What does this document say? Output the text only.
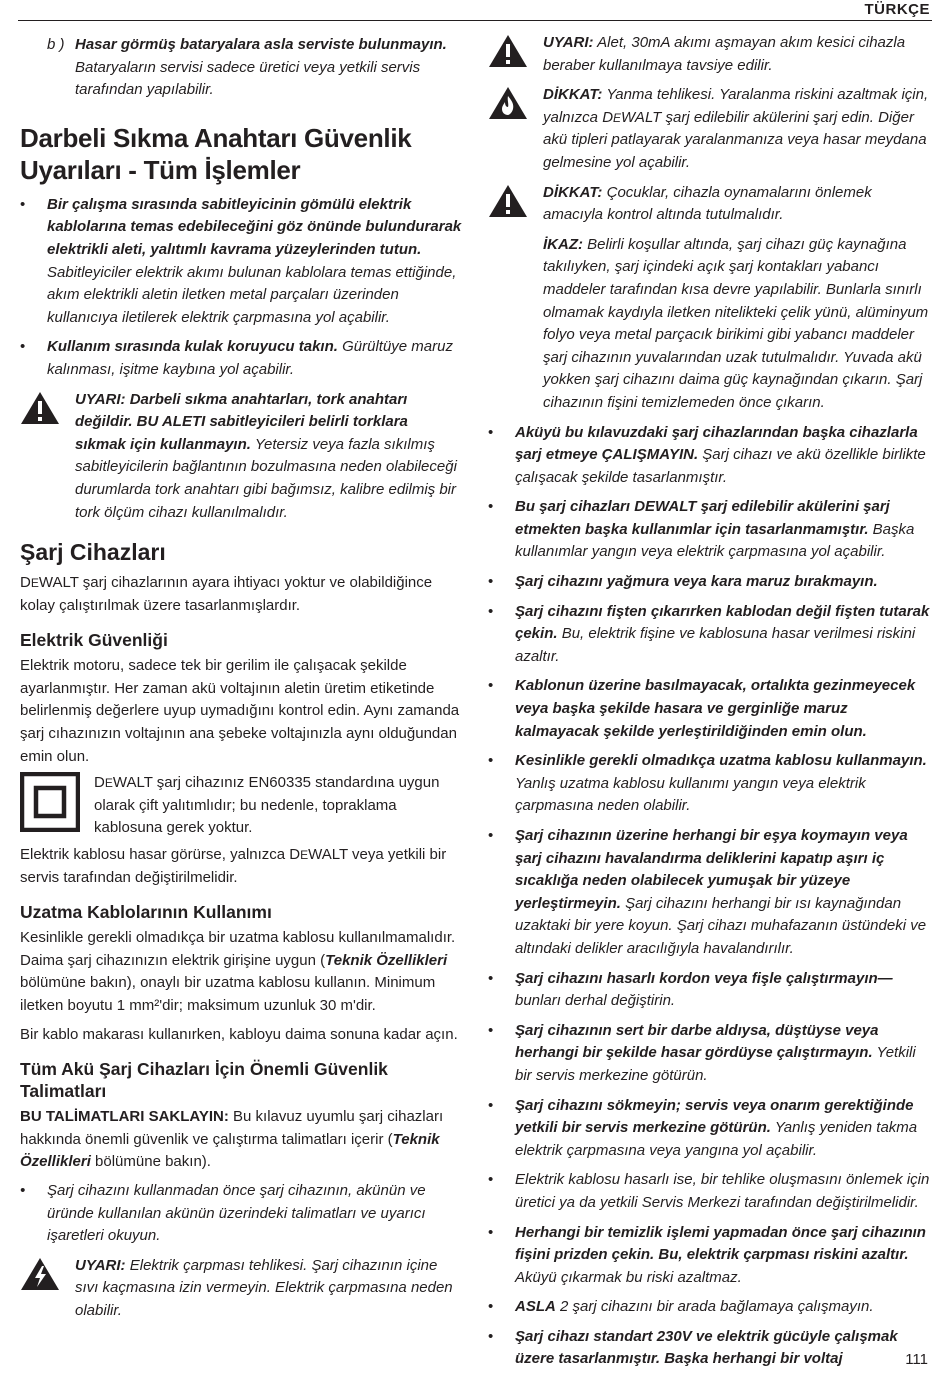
TÜRKÇE
b ) Hasar görmüş bataryalara asla serviste bulunmayın. Bataryaların servisi sadece üretici veya yetkili servis tarafından yapılabilir.
Darbeli Sıkma Anahtarı Güvenlik Uyarıları - Tüm İşlemler
• Bir çalışma sırasında sabitleyicinin gömülü elektrik kablolarına temas edebileceğini göz önünde bulundurarak elektrikli aleti, yalıtımlı kavrama yüzeylerinden tutun. Sabitleyiciler elektrik akımı bulunan kablolara temas ettiğinde, akım elektrikli aletin iletken metal parçaları üzerinden kullanıcıya iletilerek elektrik çarpmasına yol açabilir.
• Kullanım sırasında kulak koruyucu takın. Gürültüye maruz kalınması, işitme kaybına yol açabilir.
UYARI: Darbeli sıkma anahtarları, tork anahtarı değildir. BU ALETI sabitleyicileri belirli torklara sıkmak için kullanmayın. Yetersiz veya fazla sıkılmış sabitleyicilerin bağlantının bozulmasına neden olabileceği durumlarda tork anahtarı gibi bağımsız, kalibre edilmiş bir tork ölçüm cihazı kullanılmalıdır.
Şarj Cihazları

DEWALT şarj cihazlarının ayara ihtiyacı yoktur ve olabildiğince kolay çalıştırılmak üzere tasarlanmışlardır.

Elektrik Güvenliği

Elektrik motoru, sadece tek bir gerilim ile çalışacak şekilde ayarlanmıştır. Her zaman akü voltajının aletin üretim etiketinde belirlenmiş değerlere uyup uymadığını kontrol edin. Aynı zamanda şarj cıhazınızın voltajının ana şebeke voltajınızla aynı olduğundan emin olun.

DEWALT şarj cihazınız EN60335 standardına uygun olarak çift yalıtımlıdır; bu nedenle, topraklama kablosuna gerek yoktur.

Elektrik kablosu hasar görürse, yalnızca DEWALT veya yetkili bir servis tarafından değiştirilmelidir.

Uzatma Kablolarının Kullanımı

Kesinlikle gerekli olmadıkça bir uzatma kablosu kullanılmamalıdır. Daima şarj cihazınızın elektrik girişine uygun (Teknik Özellikleri bölümüne bakın), onaylı bir uzatma kablosu kullanın. Minimum iletken boyutu 1 mm²'dir; maksimum uzunluk 30 m'dir.

Bir kablo makarası kullanırken, kabloyu daima sonuna kadar açın.

Tüm Akü Şarj Cihazları İçin Önemli Güvenlik Talimatları

BU TALİMATLARI SAKLAYIN: Bu kılavuz uyumlu şarj cihazları hakkında önemli güvenlik ve çalıştırma talimatları içerir (Teknik Özellikleri bölümüne bakın).

• Şarj cihazını kullanmadan önce şarj cihazının, akünün ve üründe kullanılan akünün üzerindeki talimatları ve uyarıcı işaretleri okuyun.
UYARI: Elektrik çarpması tehlikesi. Şarj cihazının içine sıvı kaçmasına izin vermeyin. Elektrik çarpmasına neden olabilir.
UYARI: Alet, 30mA akımı aşmayan akım kesici cihazla beraber kullanılmaya tavsiye edilir.
DİKKAT: Yanma tehlikesi. Yaralanma riskini azaltmak için, yalnızca DEWALT şarj edilebilir akülerini şarj edin. Diğer akü tipleri patlayarak yaralanmanıza veya hasar meydana gelmesine yol açabilir.
DİKKAT: Çocuklar, cihazla oynamalarını önlemek amacıyla kontrol altında tutulmalıdır.
İKAZ: Belirli koşullar altında, şarj cihazı güç kaynağına takılıyken, şarj içindeki açık şarj kontakları yabancı maddeler tarafından kısa devre yapılabilir. Bunlarla sınırlı olmamak kaydıyla iletken nitelikteki çelik yünü, alüminyum folyo veya metal parçacık birikimi gibi yabancı maddeler şarj cihazının yuvalarından uzak tutulmalıdır. Yuvada akü yokken şarj cihazını daima güç kaynağından çıkarın. Şarj cihazının fişini temizlemeden önce çıkarın.
• Aküyü bu kılavuzdaki şarj cihazlarından başka cihazlarla şarj etmeye ÇALIŞMAYIN. Şarj cihazı ve akü özellikle birlikte çalışacak şekilde tasarlanmıştır.
• Bu şarj cihazları DEWALT şarj edilebilir akülerini şarj etmekten başka kullanımlar için tasarlanmamıştır. Başka kullanımlar yangın veya elektrik çarpmasına yol açabilir.
• Şarj cihazını yağmura veya kara maruz bırakmayın.
• Şarj cihazını fişten çıkarırken kablodan değil fişten tutarak çekin. Bu, elektrik fişine ve kablosuna hasar verilmesi riskini azaltır.
• Kablonun üzerine basılmayacak, ortalıkta gezinmeyecek veya başka şekilde hasara ve gerginliğe maruz kalmayacak şekilde yerleştirildiğinden emin olun.
• Kesinlikle gerekli olmadıkça uzatma kablosu kullanmayın. Yanlış uzatma kablosu kullanımı yangın veya elektrik çarpmasına neden olabilir.
• Şarj cihazının üzerine herhangi bir eşya koymayın veya şarj cihazını havalandırma deliklerini kapatıp aşırı iç sıcaklığa neden olabilecek yumuşak bir yüzeye yerleştirmeyin. Şarj cihazını herhangi bir ısı kaynağından uzaktaki bir yere koyun. Şarj cihazı muhafazanın üstündeki ve altındaki delikler aracılığıyla havalandırılır.
• Şarj cihazını hasarlı kordon veya fişle çalıştırmayın— bunları derhal değiştirin.
• Şarj cihazının sert bir darbe aldıysa, düştüyse veya herhangi bir şekilde hasar gördüyse çalıştırmayın. Yetkili bir servis merkezine götürün.
• Şarj cihazını sökmeyin; servis veya onarım gerektiğinde yetkili bir servis merkezine götürün. Yanlış yeniden takma elektrik çarpmasına veya yangına yol açabilir.
• Elektrik kablosu hasarlı ise, bir tehlike oluşmasını önlemek için üretici ya da yetkili Servis Merkezi tarafından değiştirilmelidir.
• Herhangi bir temizlik işlemi yapmadan önce şarj cihazının fişini prizden çekin. Bu, elektrik çarpması riskini azaltır. Aküyü çıkarmak bu riski azaltmaz.
• ASLA 2 şarj cihazını bir arada bağlamaya çalışmayın.
• Şarj cihazı standart 230V ve elektrik gücüyle çalışmak üzere tasarlanmıştır. Başka herhangi bir voltaj	111
